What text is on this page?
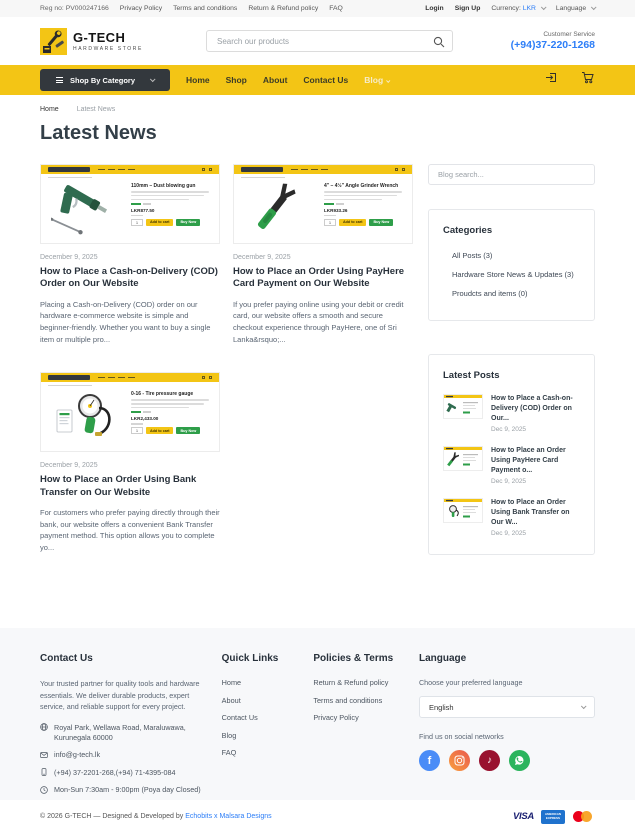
Reg no: PV000247166 Privacy Policy Terms and conditions Return & Refund policy FAQ	Login Sign Up Currency: LKR	Language
G-TECH
HARDWARE STORE
Search our products
Customer Service
(+94)37-220-1268
Shop By Category	Home Shop About Contact Us Blog
Home	Latest News
Latest News
110mm – Dust blowing gun
LKR877.50
1	Add to cart	Buy Now
December 9, 2025
How to Place a Cash-on-Delivery (COD) Order on Our Website

Placing a Cash-on-Delivery (COD) order on our hardware e-commerce website is simple and beginner-friendly. Whether you want to buy a single item or multiple pro...

4" – 4½" Angle Grinder Wrench
LKR933.26
1	Add to cart	Buy Now
December 9, 2025
How to Place an Order Using PayHere Card Payment on Our Website

If you prefer paying online using your debit or credit card, our website offers a smooth and secure checkout experience through PayHere, one of Sri Lanka&rsquo;...

0-16 - Tire pressure gauge
LKR2,433.00
1	Add to cart	Buy Now
December 9, 2025
How to Place an Order Using Bank Transfer on Our Website

For customers who prefer paying directly through their bank, our website offers a convenient Bank Transfer payment method. This option allows you to complete yo...

Blog search...
Categories
All Posts (3)
Hardware Store News & Updates (3)
Proudcts and items (0)
Latest Posts
How to Place a Cash-on-Delivery (COD) Order on Our...
Dec 9, 2025
How to Place an Order Using PayHere Card Payment o...
Dec 9, 2025
How to Place an Order Using Bank Transfer on Our W...
Dec 9, 2025
Contact Us

Your trusted partner for quality tools and hardware essentials. We deliver durable products, expert service, and reliable support for every project.

Royal Park, Wellawa Road, Maraluwawa, Kurunegala 60000
info@g-tech.lk
(+94) 37-2201-268,(+94) 71-4395-084
Mon-Sun 7:30am - 9:00pm (Poya day Closed)
Quick Links
Home
About
Contact Us
Blog
FAQ
Policies & Terms
Return & Refund policy
Terms and conditions
Privacy Policy
Language
Choose your preferred language
English
Find us on social networks
f	♪
© 2026 G-TECH — Designed & Developed by
Echobits x Malsara Designs	VISA	AMERICAN
EXPRESS
